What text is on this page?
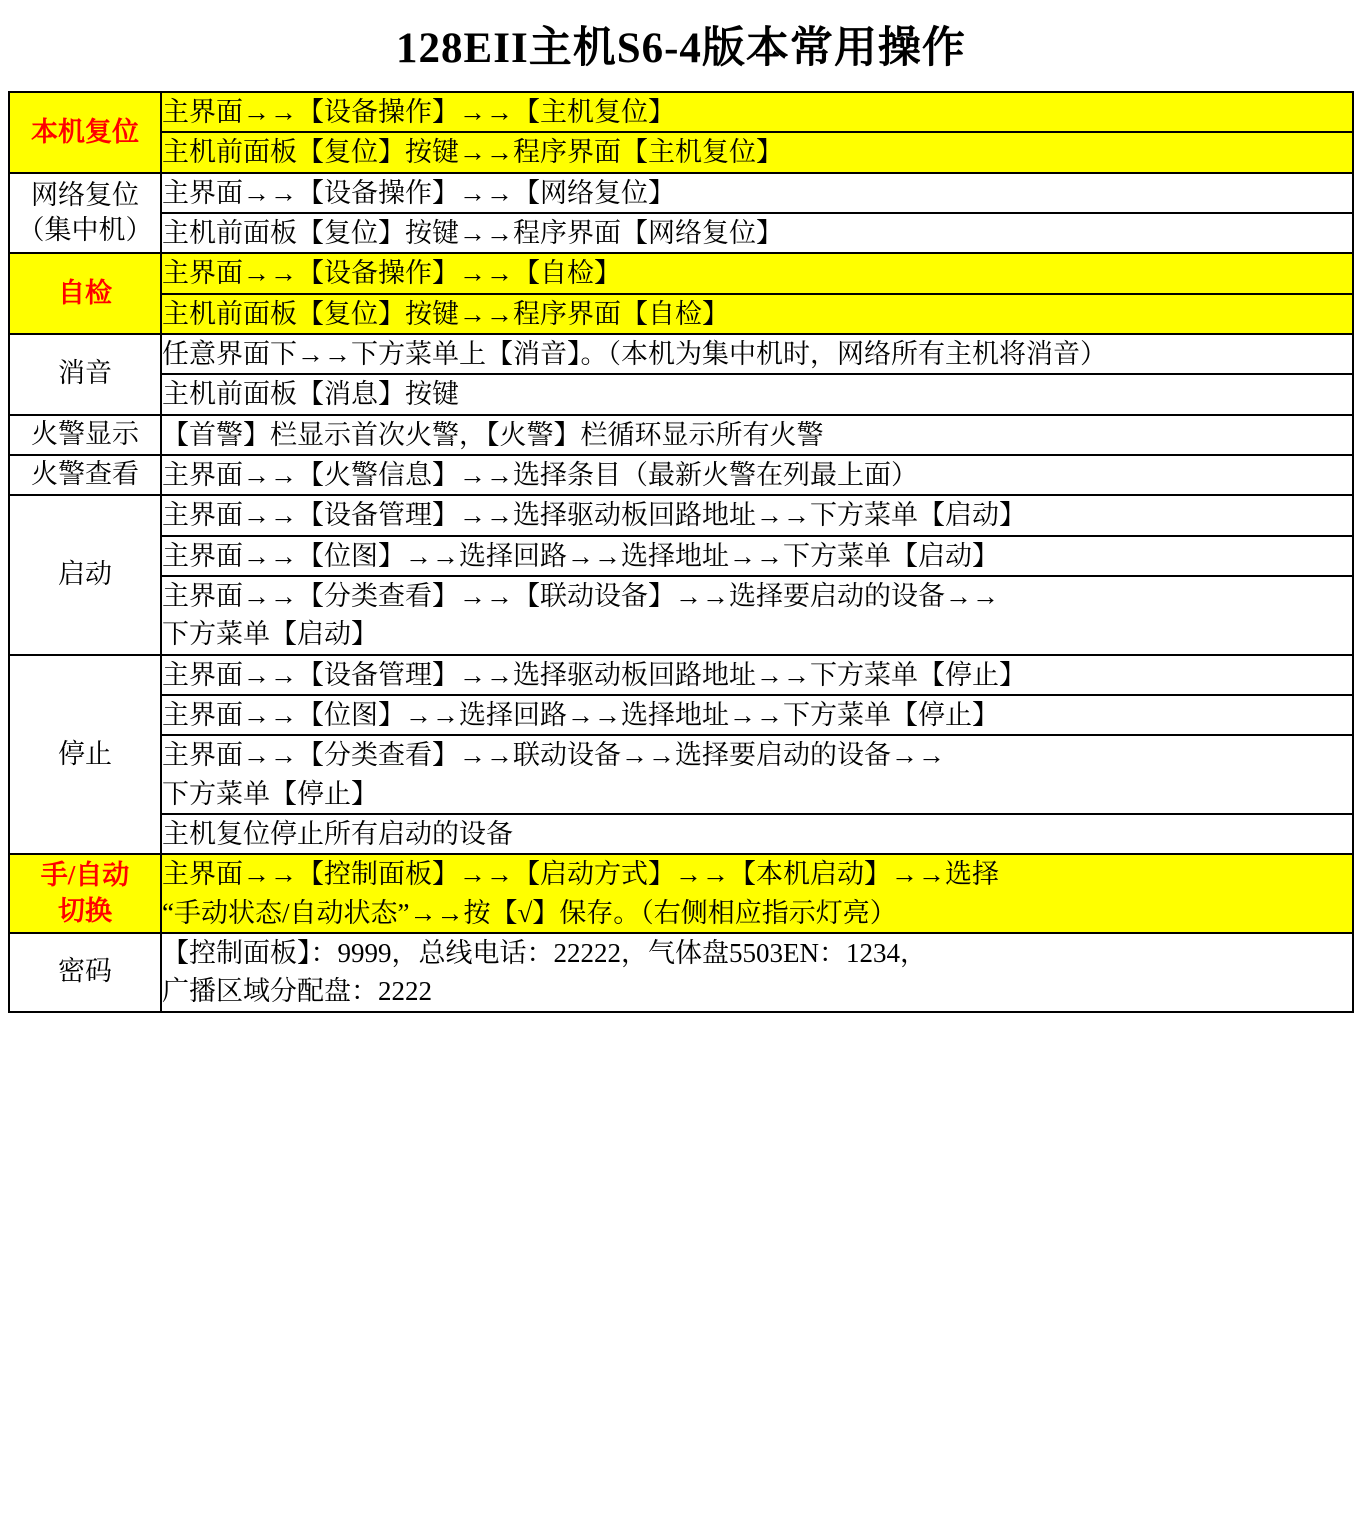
128EII主机S6-4版本常用操作
本机复位	主界面→→【设备操作】→→【主机复位】
	主机前面板【复位】按键→→程序界面【主机复位】
网络复位
（集中机）	主界面→→【设备操作】→→【网络复位】
	主机前面板【复位】按键→→程序界面【网络复位】
自检	主界面→→【设备操作】→→【自检】
	主机前面板【复位】按键→→程序界面【自检】
消音	任意界面下→→下方菜单上【消音】。（本机为集中机时，网络所有主机将消音）
	主机前面板【消息】按键
火警显示	【首警】栏显示首次火警，【火警】栏循环显示所有火警
火警查看	主界面→→【火警信息】→→选择条目（最新火警在列最上面）
启动	主界面→→【设备管理】→→选择驱动板回路地址→→下方菜单【启动】
	主界面→→【位图】→→选择回路→→选择地址→→下方菜单【启动】
	主界面→→【分类查看】→→【联动设备】→→选择要启动的设备→→
下方菜单【启动】
停止	主界面→→【设备管理】→→选择驱动板回路地址→→下方菜单【停止】
	主界面→→【位图】→→选择回路→→选择地址→→下方菜单【停止】
	主界面→→【分类查看】→→联动设备→→选择要启动的设备→→
下方菜单【停止】
	主机复位停止所有启动的设备
手/自动
切换	主界面→→【控制面板】→→【启动方式】→→【本机启动】→→选择
“手动状态/自动状态”→→按【√】保存。（右侧相应指示灯亮）
密码	【控制面板】：9999，总线电话：22222，气体盘5503EN：1234，
广播区域分配盘：2222
